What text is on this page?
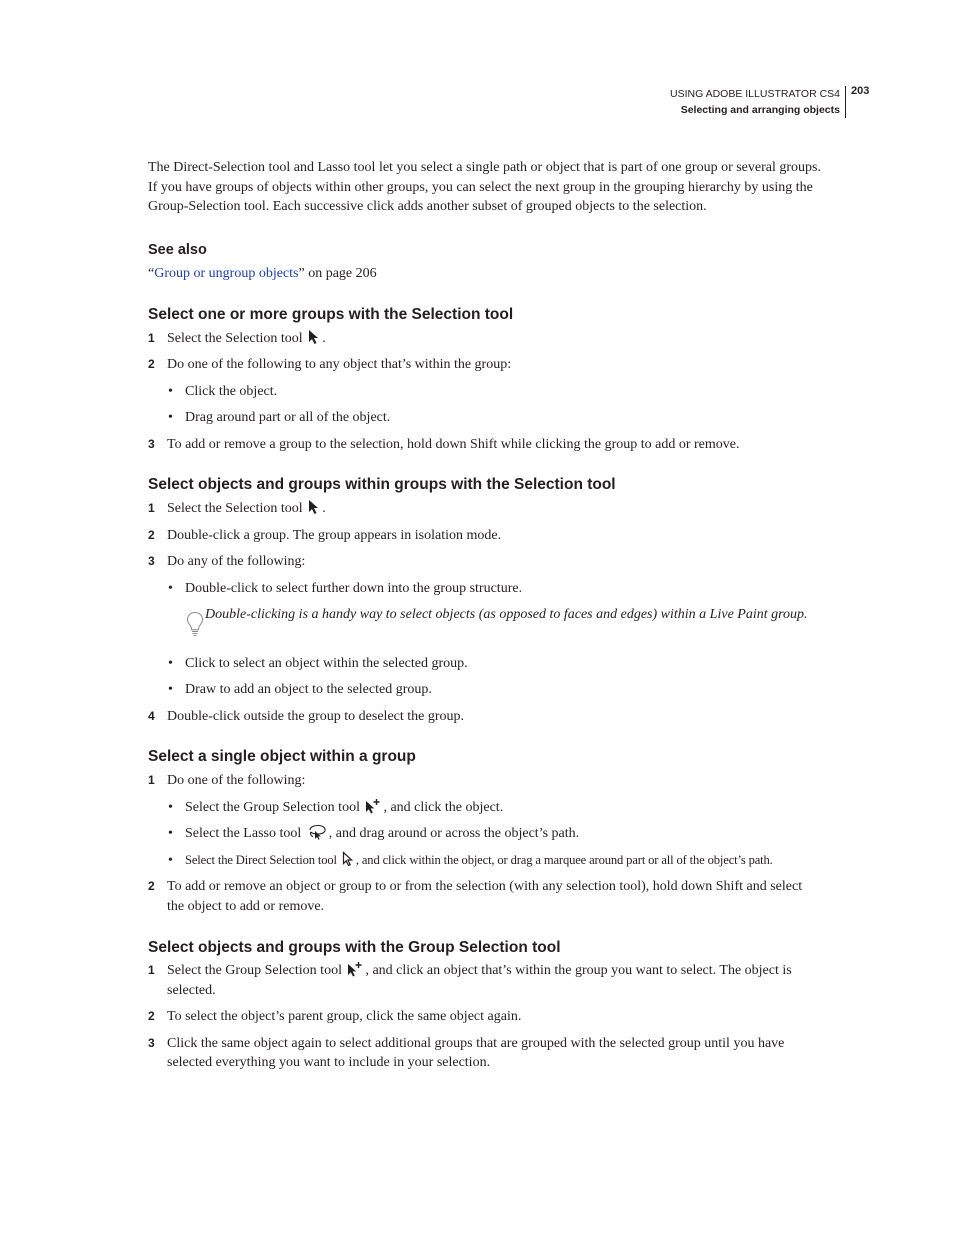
USING ADOBE ILLUSTRATOR CS4
Selecting and arranging objects
203
The Direct-Selection tool and Lasso tool let you select a single path or object that is part of one group or several groups.
If you have groups of objects within other groups, you can select the next group in the grouping hierarchy by using the
Group-Selection tool. Each successive click adds another subset of grouped objects to the selection.
See also
“Group or ungroup objects” on page 206
Select one or more groups with the Selection tool
1 Select the Selection tool .
2 Do one of the following to any object that’s within the group:
• Click the object.
• Drag around part or all of the object.
3 To add or remove a group to the selection, hold down Shift while clicking the group to add or remove.
Select objects and groups within groups with the Selection tool
1 Select the Selection tool .
2 Double-click a group. The group appears in isolation mode.
3 Do any of the following:
• Double-click to select further down into the group structure.
Double-clicking is a handy way to select objects (as opposed to faces and edges) within a Live Paint group.
• Click to select an object within the selected group.
• Draw to add an object to the selected group.
4 Double-click outside the group to deselect the group.
Select a single object within a group
1 Do one of the following:
• Select the Group Selection tool , and click the object.
• Select the Lasso tool , and drag around or across the object’s path.
• Select the Direct Selection tool , and click within the object, or drag a marquee around part or all of the object’s path.
2 To add or remove an object or group to or from the selection (with any selection tool), hold down Shift and select
the object to add or remove.
Select objects and groups with the Group Selection tool
1 Select the Group Selection tool , and click an object that’s within the group you want to select. The object is
selected.
2 To select the object’s parent group, click the same object again.
3 Click the same object again to select additional groups that are grouped with the selected group until you have
selected everything you want to include in your selection.
